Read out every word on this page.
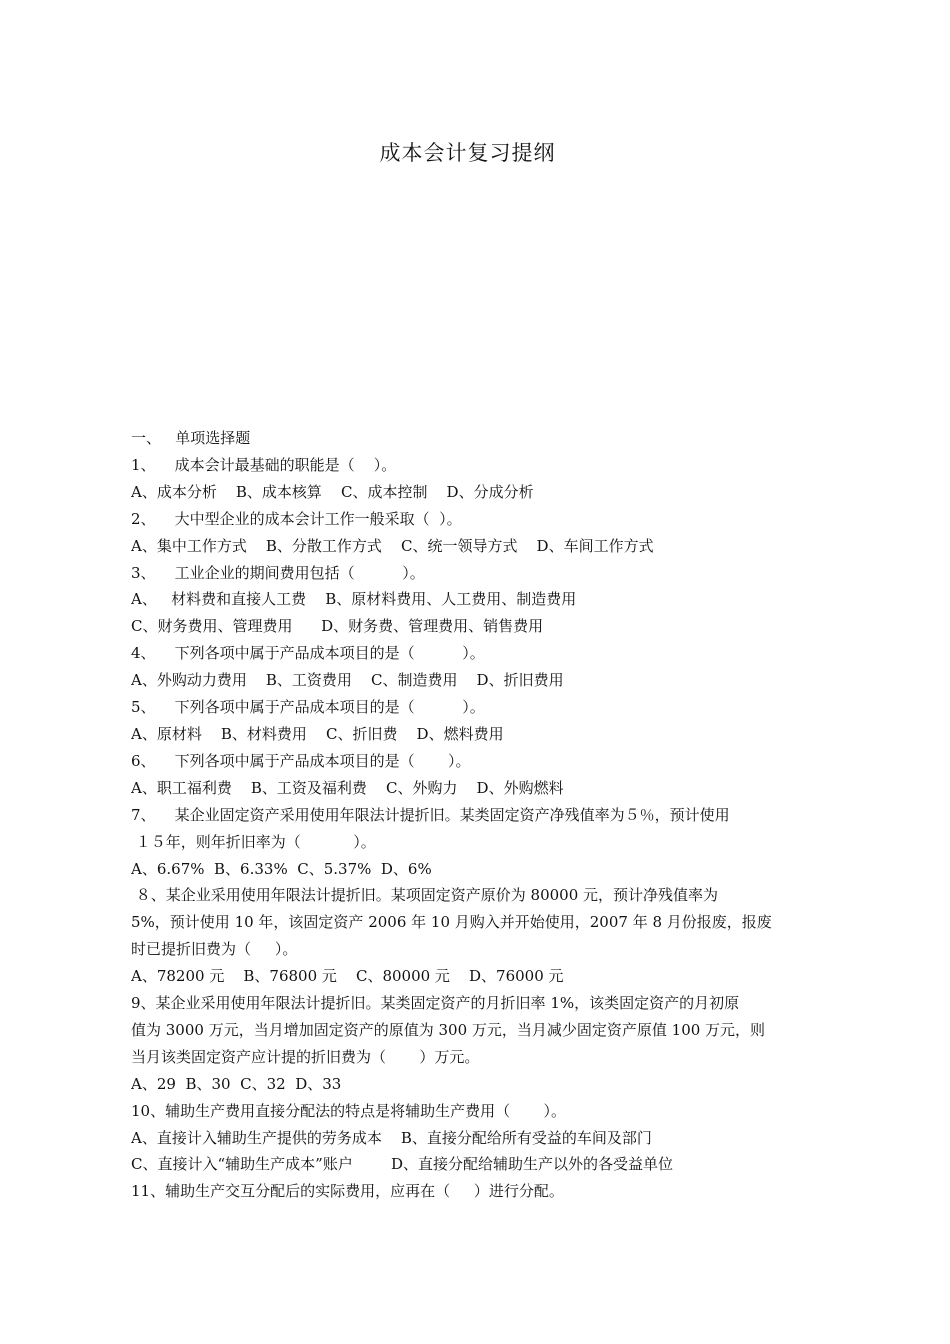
成本会计复习提纲
一、   单项选择题
1、    成本会计最基础的职能是（    ）。
A、成本分析    B、成本核算    C、成本控制    D、分成分析
2、    大中型企业的成本会计工作一般采取（  ）。
A、集中工作方式    B、分散工作方式    C、统一领导方式    D、车间工作方式
3、    工业企业的期间费用包括（          ）。
A、   材料费和直接人工费    B、原材料费用、人工费用、制造费用
C、财务费用、管理费用      D、财务费、管理费用、销售费用
4、    下列各项中属于产品成本项目的是（          ）。
A、外购动力费用    B、工资费用    C、制造费用    D、折旧费用
5、    下列各项中属于产品成本项目的是（          ）。
A、原材料    B、材料费用    C、折旧费    D、燃料费用
6、    下列各项中属于产品成本项目的是（       ）。
A、职工福利费    B、工资及福利费    C、外购力    D、外购燃料
7、    某企业固定资产采用使用年限法计提折旧。某类固定资产净残值率为５％，预计使用
１５年，则年折旧率为（           ）。
A、6.67%  B、6.33%  C、5.37%  D、6%
８、某企业采用使用年限法计提折旧。某项固定资产原价为 80000 元，预计净残值率为
5%，预计使用 10 年，该固定资产 2006 年 10 月购入并开始使用，2007 年 8 月份报废，报废
时已提折旧费为（     ）。
A、78200 元    B、76800 元    C、80000 元    D、76000 元
9、某企业采用使用年限法计提折旧。某类固定资产的月折旧率 1%，该类固定资产的月初原
值为 3000 万元，当月增加固定资产的原值为 300 万元，当月减少固定资产原值 100 万元，则
当月该类固定资产应计提的折旧费为（       ）万元。
A、29  B、30  C、32  D、33
10、辅助生产费用直接分配法的特点是将辅助生产费用（       ）。
A、直接计入辅助生产提供的劳务成本    B、直接分配给所有受益的车间及部门
C、直接计入“辅助生产成本”账户        D、直接分配给辅助生产以外的各受益单位
11、辅助生产交互分配后的实际费用，应再在（     ）进行分配。
